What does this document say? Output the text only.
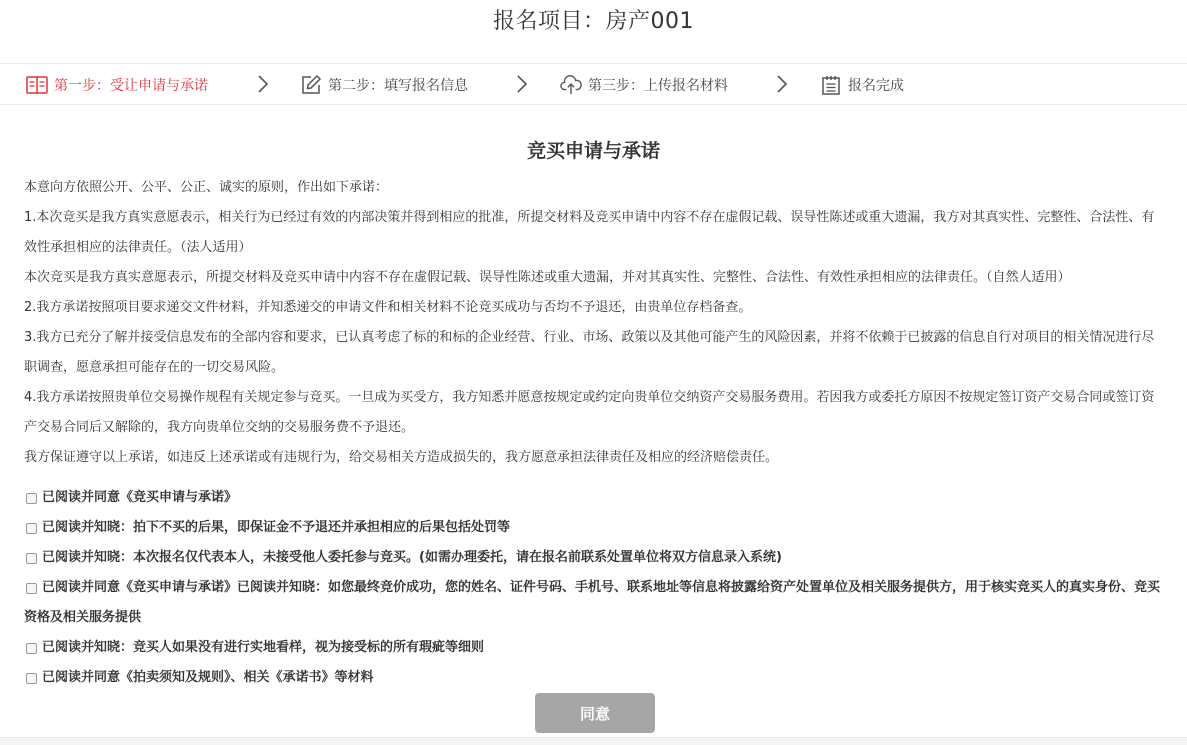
报名项目：房产001
第一步：受让申请与承诺	第二步：填写报名信息	第三步：上传报名材料	报名完成
竞买申请与承诺

本意向方依照公开、公平、公正、诚实的原则，作出如下承诺：

1.本次竞买是我方真实意愿表示，相关行为已经过有效的内部决策并得到相应的批准，所提交材料及竞买申请中内容不存在虚假记载、误导性陈述或重大遗漏，我方对其真实性、完整性、合法性、有效性承担相应的法律责任。（法人适用）

本次竞买是我方真实意愿表示，所提交材料及竞买申请中内容不存在虚假记载、误导性陈述或重大遗漏，并对其真实性、完整性、合法性、有效性承担相应的法律责任。（自然人适用）

2.我方承诺按照项目要求递交文件材料，并知悉递交的申请文件和相关材料不论竞买成功与否均不予退还，由贵单位存档备查。

3.我方已充分了解并接受信息发布的全部内容和要求，已认真考虑了标的和标的企业经营、行业、市场、政策以及其他可能产生的风险因素，并将不依赖于已披露的信息自行对项目的相关情况进行尽职调查，愿意承担可能存在的一切交易风险。

4.我方承诺按照贵单位交易操作规程有关规定参与竞买。一旦成为买受方，我方知悉并愿意按规定或约定向贵单位交纳资产交易服务费用。若因我方或委托方原因不按规定签订资产交易合同或签订资产交易合同后又解除的，我方向贵单位交纳的交易服务费不予退还。

我方保证遵守以上承诺，如违反上述承诺或有违规行为，给交易相关方造成损失的，我方愿意承担法律责任及相应的经济赔偿责任。

已阅读并同意《竞买申请与承诺》
已阅读并知晓：拍下不买的后果，即保证金不予退还并承担相应的后果包括处罚等
已阅读并知晓：本次报名仅代表本人，未接受他人委托参与竞买。(如需办理委托，请在报名前联系处置单位将双方信息录入系统)
已阅读并同意《竞买申请与承诺》已阅读并知晓：如您最终竞价成功，您的姓名、证件号码、手机号、联系地址等信息将披露给资产处置单位及相关服务提供方，用于核实竞买人的真实身份、竞买资格及相关服务提供
已阅读并知晓：竞买人如果没有进行实地看样，视为接受标的所有瑕疵等细则
已阅读并同意《拍卖须知及规则》、相关《承诺书》等材料
同意
